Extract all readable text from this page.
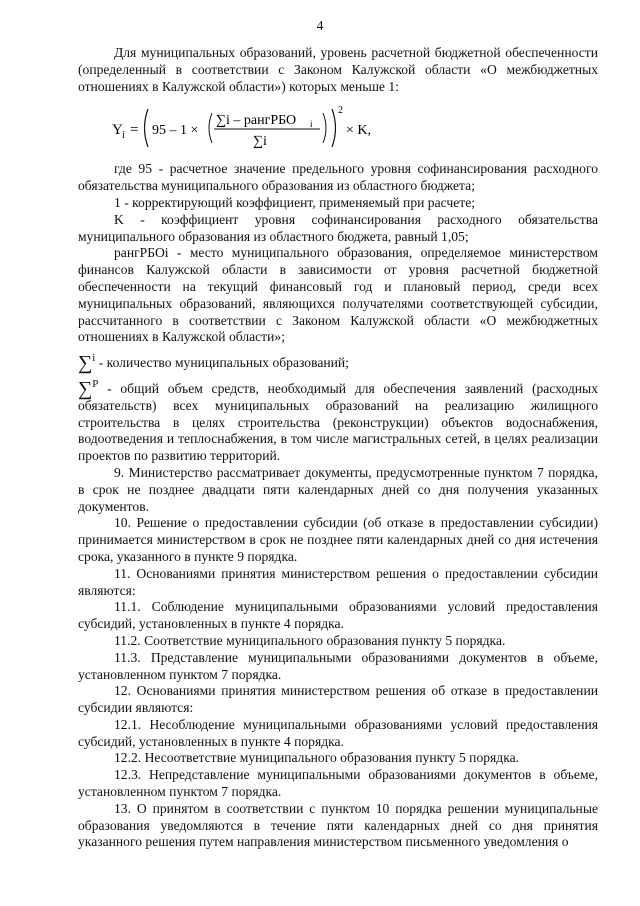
4

Для муниципальных образований, уровень расчетной бюджетной обеспеченности (определенный в соответствии с Законом Калужской области «О межбюджетных отношениях в Калужской области») которых меньше 1:

Y i = 95 – 1 ×
∑i – рангРБО i
∑i
2
× K,

где 95 - расчетное значение предельного уровня софинансирования расходного обязательства муниципального образования из областного бюджета;

1 - корректирующий коэффициент, применяемый при расчете;

K - коэффициент уровня софинансирования расходного обязательства муниципального образования из областного бюджета, равный 1,05;

рангРБОi - место муниципального образования, определяемое министерством финансов Калужской области в зависимости от уровня расчетной бюджетной обеспеченности на текущий финансовый год и плановый период, среди всех муниципальных образований, являющихся получателями соответствующей субсидии, рассчитанного в соответствии с Законом Калужской области «О межбюджетных отношениях в Калужской области»;

∑$^i$ - количество муниципальных образований;

∑$^P$ - общий объем средств, необходимый для обеспечения заявлений (расходных обязательств) всех муниципальных образований на реализацию жилищного строительства в целях строительства (реконструкции) объектов водоснабжения, водоотведения и теплоснабжения, в том числе магистральных сетей, в целях реализации проектов по развитию территорий.

9. Министерство рассматривает документы, предусмотренные пунктом 7 порядка, в срок не позднее двадцати пяти календарных дней со дня получения указанных документов.

10. Решение о предоставлении субсидии (об отказе в предоставлении субсидии) принимается министерством в срок не позднее пяти календарных дней со дня истечения срока, указанного в пункте 9 порядка.

11. Основаниями принятия министерством решения о предоставлении субсидии являются:

11.1. Соблюдение муниципальными образованиями условий предоставления субсидий, установленных в пункте 4 порядка.

11.2. Соответствие муниципального образования пункту 5 порядка.

11.3. Представление муниципальными образованиями документов в объеме, установленном пунктом 7 порядка.

12. Основаниями принятия министерством решения об отказе в предоставлении субсидии являются:

12.1. Несоблюдение муниципальными образованиями условий предоставления субсидий, установленных в пункте 4 порядка.

12.2. Несоответствие муниципального образования пункту 5 порядка.

12.3. Непредставление муниципальными образованиями документов в объеме, установленном пунктом 7 порядка.

13. О принятом в соответствии с пунктом 10 порядка решении муниципальные образования уведомляются в течение пяти календарных дней со дня принятия указанного решения путем направления министерством письменного уведомления о
